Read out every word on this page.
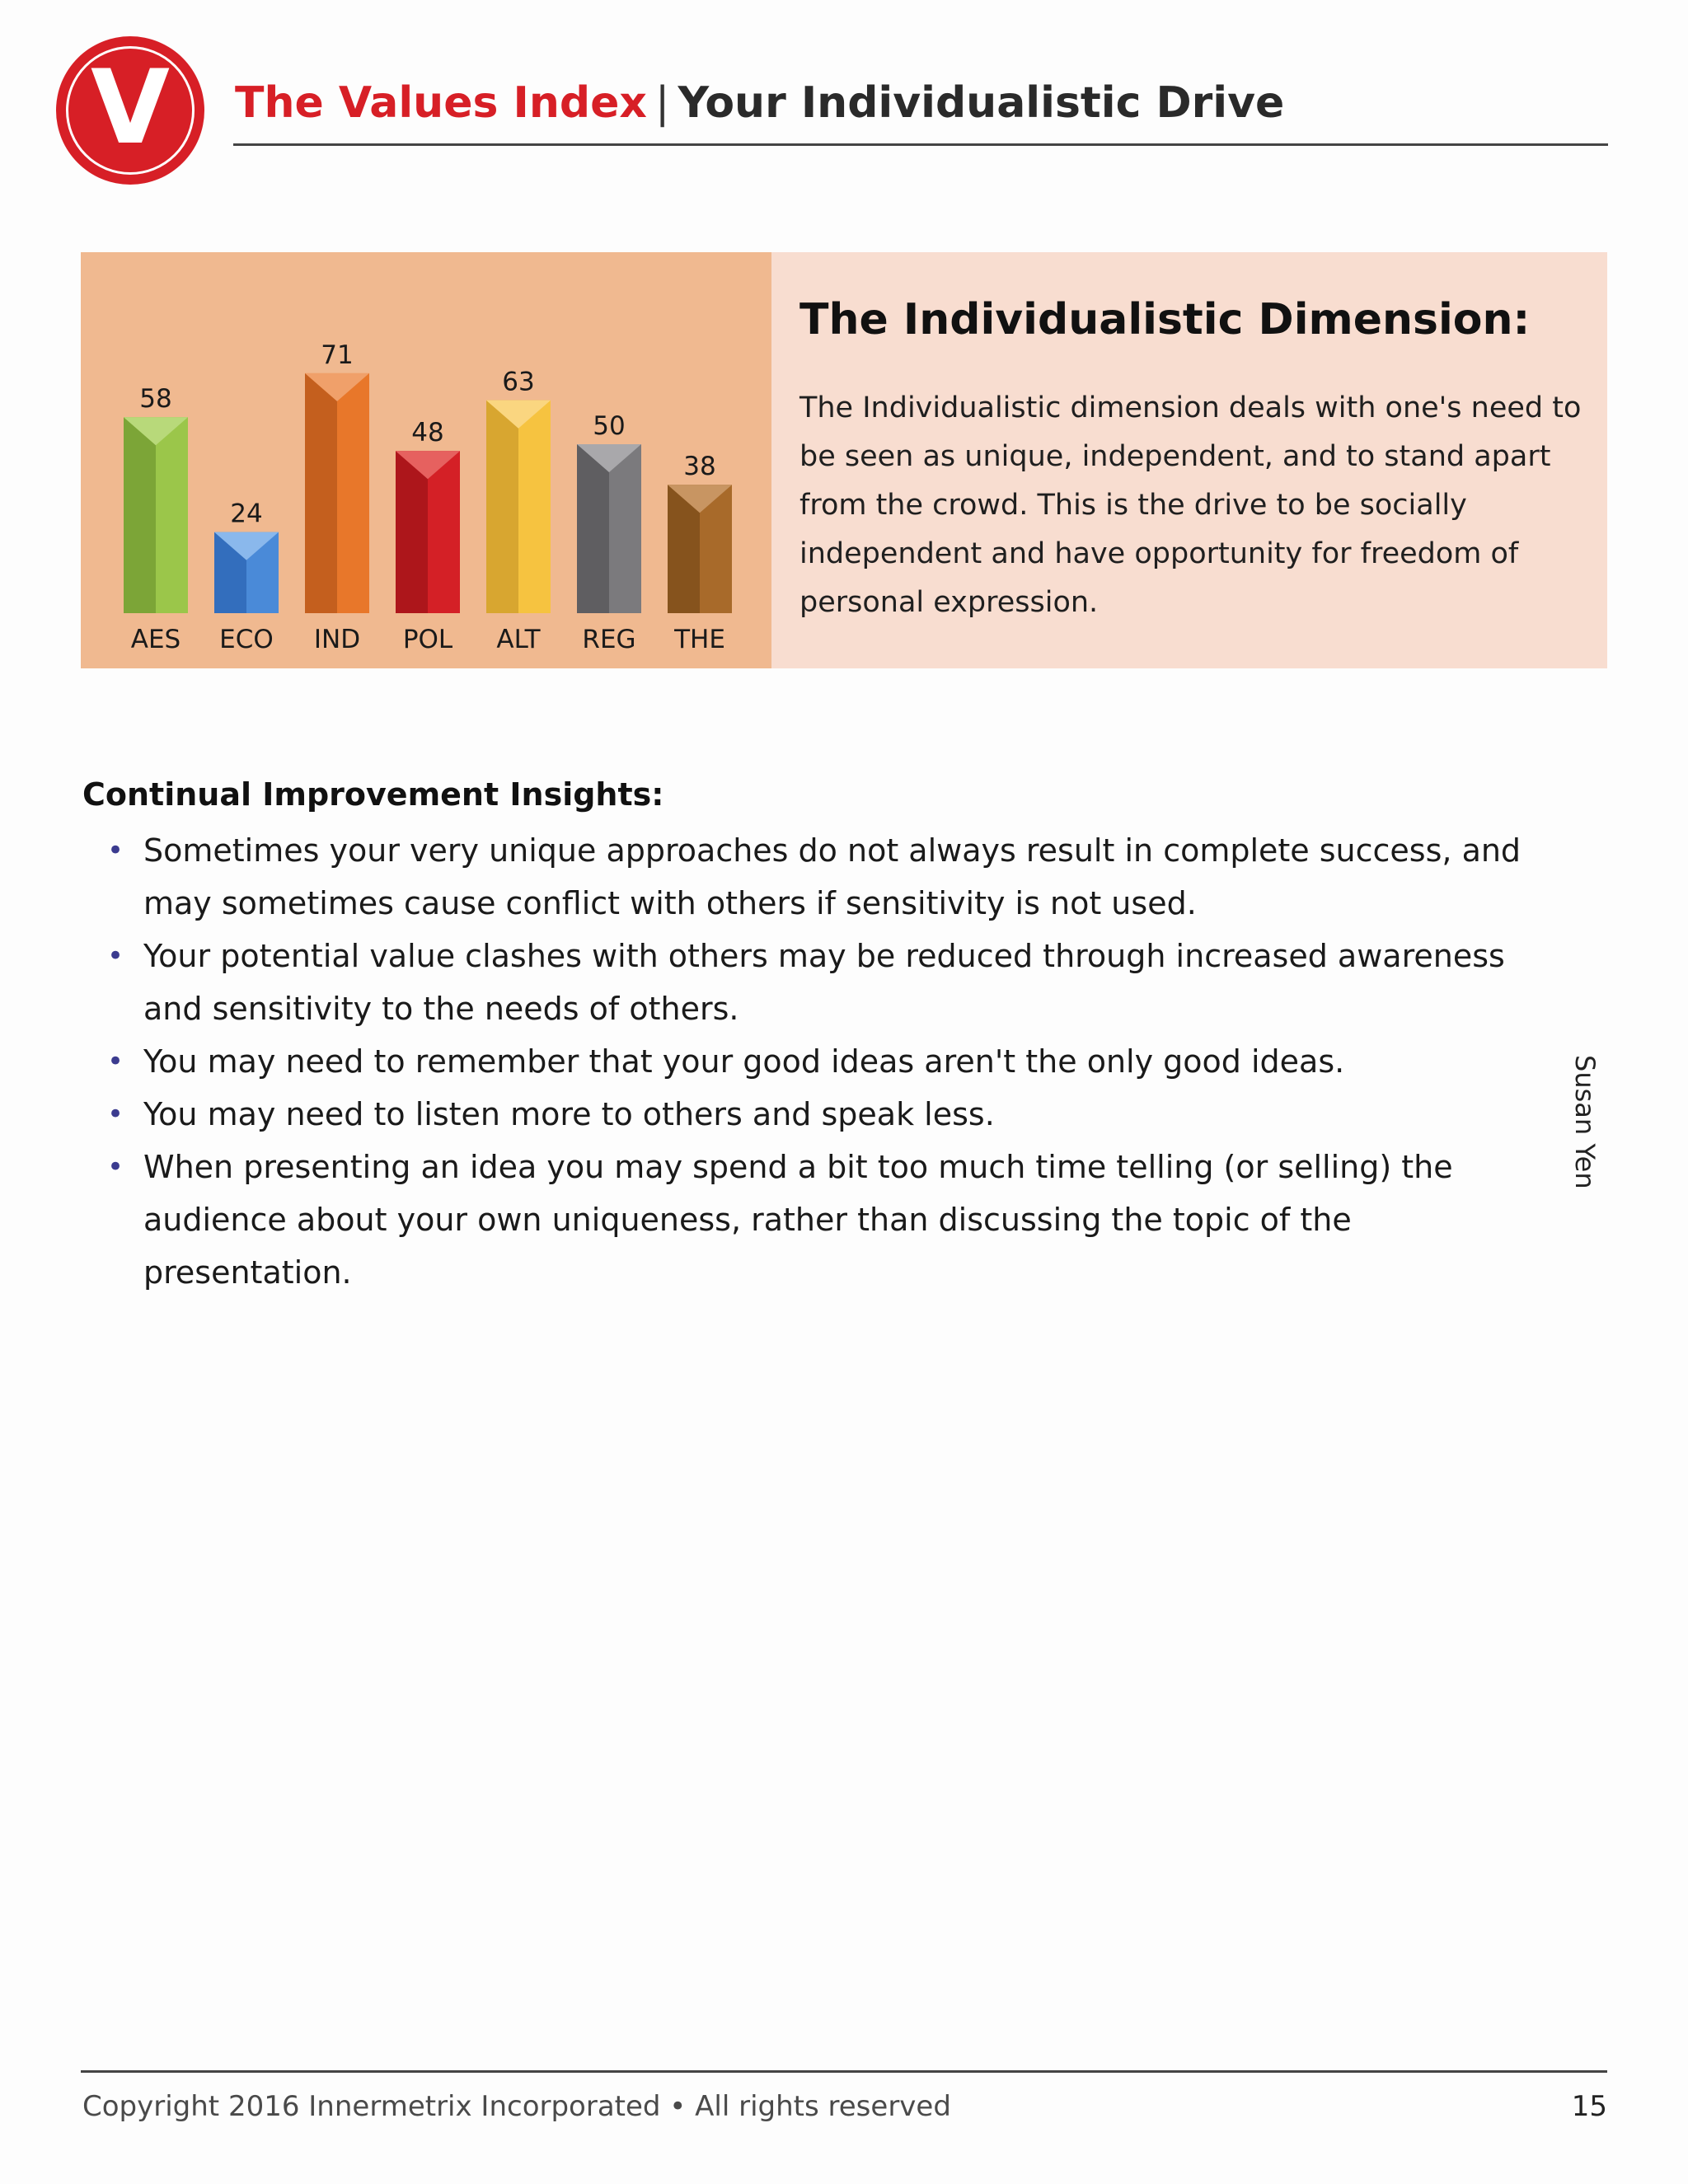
V	The Values Index | Your Individualistic Drive
58
AES
24
ECO
71
IND
48
POL
63
ALT
50
REG
38
THE
The Individualistic Dimension:
The Individualistic dimension deals with one's need to be seen as unique, independent, and to stand apart from the crowd. This is the drive to be socially independent and have opportunity for freedom of personal expression.
Continual Improvement Insights:
• Sometimes your very unique approaches do not always result in complete success, and may sometimes cause conflict with others if sensitivity is not used.
• Your potential value clashes with others may be reduced through increased awareness and sensitivity to the needs of others.
• You may need to remember that your good ideas aren't the only good ideas.
• You may need to listen more to others and speak less.
• When presenting an idea you may spend a bit too much time telling (or selling) the audience about your own uniqueness, rather than discussing the topic of the presentation.
Susan Yen
Copyright 2016 Innermetrix Incorporated • All rights reserved	15
